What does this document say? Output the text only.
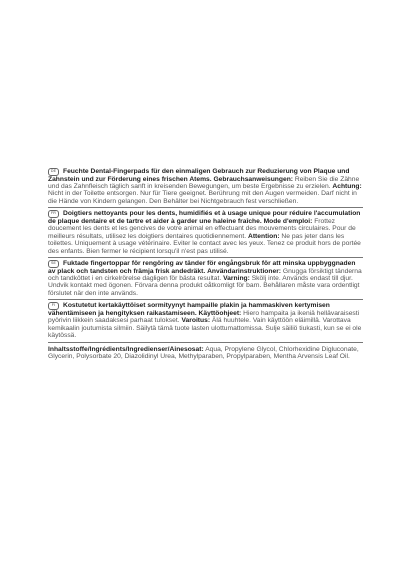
DE Feuchte Dental-Fingerpads für den einmaligen Gebrauch zur Reduzierung von Plaque und Zahnstein und zur Förderung eines frischen Atems. Gebrauchsanweisungen: Reiben Sie die Zähne und das Zahnfleisch täglich sanft in kreisenden Bewegungen, um beste Ergebnisse zu erzielen. Achtung: Nicht in der Toilette entsorgen. Nur für Tiere geeignet. Berührung mit den Augen vermeiden. Darf nicht in die Hände von Kindern gelangen. Den Behälter bei Nichtgebrauch fest verschließen.
FR Doigtiers nettoyants pour les dents, humidifiés et à usage unique pour réduire l'accumulation de plaque dentaire et de tartre et aider à garder une haleine fraîche. Mode d'emploi: Frottez doucement les dents et les gencives de votre animal en effectuant des mouvements circulaires. Pour de meilleurs résultats, utilisez les doigtiers dentaires quotidiennement. Attention: Ne pas jeter dans les toilettes. Uniquement à usage vétérinaire. Eviter le contact avec les yeux. Tenez ce produit hors de portée des enfants. Bien fermer le récipient lorsqu'il n'est pas utilisé.
SE Fuktade fingertoppar för rengöring av tänder för engångsbruk för att minska uppbyggnaden av plack och tandsten och främja frisk andedräkt. Användarinstruktioner: Gnugga försiktigt tänderna och tandköttet i en cirkelrörelse dagligen för bästa resultat. Varning: Skölj inte. Används endast till djur. Undvik kontakt med ögonen. Förvara denna produkt oåtkomligt för barn. Behållaren måste vara ordentligt förslutet när den inte används.
FI Kostutetut kertakäyttöiset sormityynyt hampaille plakin ja hammaskiven kertymisen vähentämiseen ja hengityksen raikastamiseen. Käyttöohjeet: Hiero hampaita ja ikeniä hellävaraisesti pyörivin liikkein saadaksesi parhaat tulokset. Varoitus: Älä huuhtele. Vain käyttöön eläimillä. Varottava kemikaalin joutumista silmiin. Säilytä tämä tuote lasten ulottumattomissa. Sulje säiliö tiukasti, kun se ei ole käytössä.
Inhaltsstoffe/Ingrédients/Ingredienser/Ainesosat: Aqua, Propylene Glycol, Chlorhexidine Digluconate, Glycerin, Polysorbate 20, Diazolidinyl Urea, Methylparaben, Propylparaben, Mentha Arvensis Leaf Oil.
